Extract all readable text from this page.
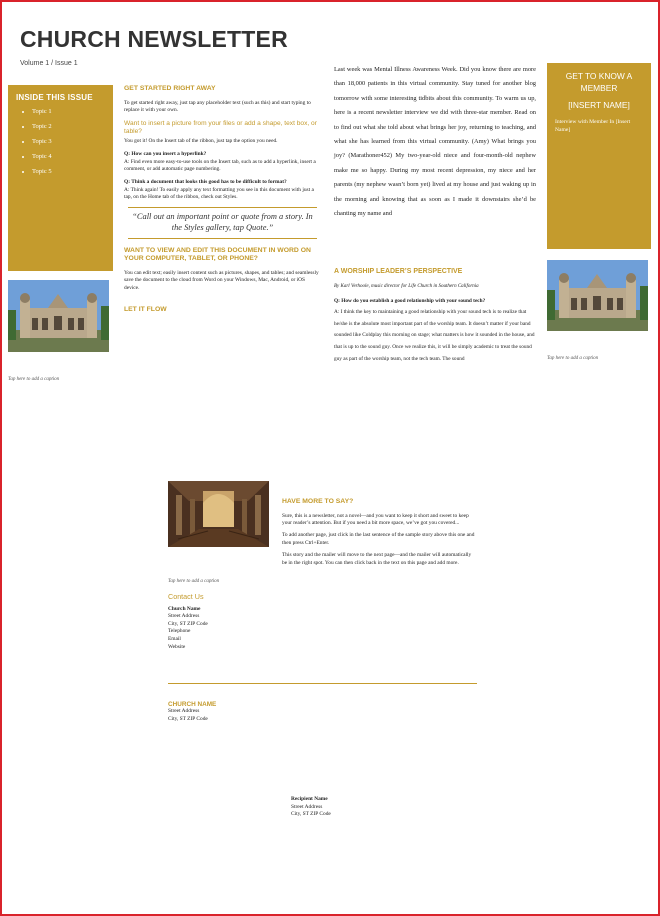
CHURCH NEWSLETTER
Volume 1 / Issue 1
INSIDE THIS ISSUE
• Topic 1
• Topic 2
• Topic 3
• Topic 4
• Topic 5
Tap here to add a caption
GET STARTED RIGHT AWAY

To get started right away, just tap any placeholder text (such as this) and start typing to replace it with your own.

Want to insert a picture from your files or add a shape, text box, or table?

You got it! On the Insert tab of the ribbon, just tap the option you need.

Q: How can you insert a hyperlink?

A: Find even more easy-to-use tools on the Insert tab, such as to add a hyperlink, insert a comment, or add automatic page numbering.

Q: Think a document that looks this good has to be difficult to format?

A: Think again! To easily apply any text formatting you see in this document with just a tap, on the Home tab of the ribbon, check out Styles.

“Call out an important point or quote from a story. In the Styles gallery, tap Quote.”
WANT TO VIEW AND EDIT THIS DOCUMENT IN WORD ON YOUR COMPUTER, TABLET, OR PHONE?

You can edit text; easily insert content such as pictures, shapes, and tables; and seamlessly save the document to the cloud from Word on your Windows, Mac, Android, or iOS device.

LET IT FLOW

Last week was Mental Illness Awareness Week. Did you know there are more than 18,000 patients in this virtual community. Stay tuned for another blog tomorrow with some interesting tidbits about this community. To warm us up, here is a recent newsletter interview we did with three-star member. Read on to find out what she told about what brings her joy, returning to teaching, and what she has learned from this virtual community. (Amy) What brings you joy? (Marathoner452) My two-year-old niece and four-month-old nephew make me so happy. During my most recent depression, my niece and her parents (my nephew wasn’t born yet) lived at my house and just waking up in the morning and knowing that as soon as I made it downstairs she’d be chanting my name and

A WORSHIP LEADER’S PERSPECTIVE
By Karl Verhoole, music director for Life Church in Southern California
Q: How do you establish a good relationship with your sound tech?

A: I think the key to maintaining a good relationship with your sound tech is to realize that he/she is the absolute most important part of the worship team. It doesn’t matter if your band sounded like Coldplay this morning on stage; what matters is how it sounded in the house, and that is up to the sound guy. Once we realize this, it will be simply academic to treat the sound guy as part of the worship team, not the tech team. The sound

GET TO KNOW A MEMBER
[INSERT NAME]
Interview with Member In [Insert Name]
Tap here to add a caption
Tap here to add a caption
HAVE MORE TO SAY?

Sure, this is a newsletter, not a novel—and you want to keep it short and sweet to keep your reader’s attention. But if you need a bit more space, we’ve got you covered...

To add another page, just click in the last sentence of the sample story above this one and then press Ctrl+Enter.

This story and the mailer will move to the next page—and the mailer will automatically be in the right spot. You can then click back in the text on this page and add more.

Contact Us
Church Name
Street Address
City, ST ZIP Code
Telephone
Email
Website
CHURCH NAME
Street Address
City, ST ZIP Code
Recipient Name
Street Address
City, ST ZIP Code
